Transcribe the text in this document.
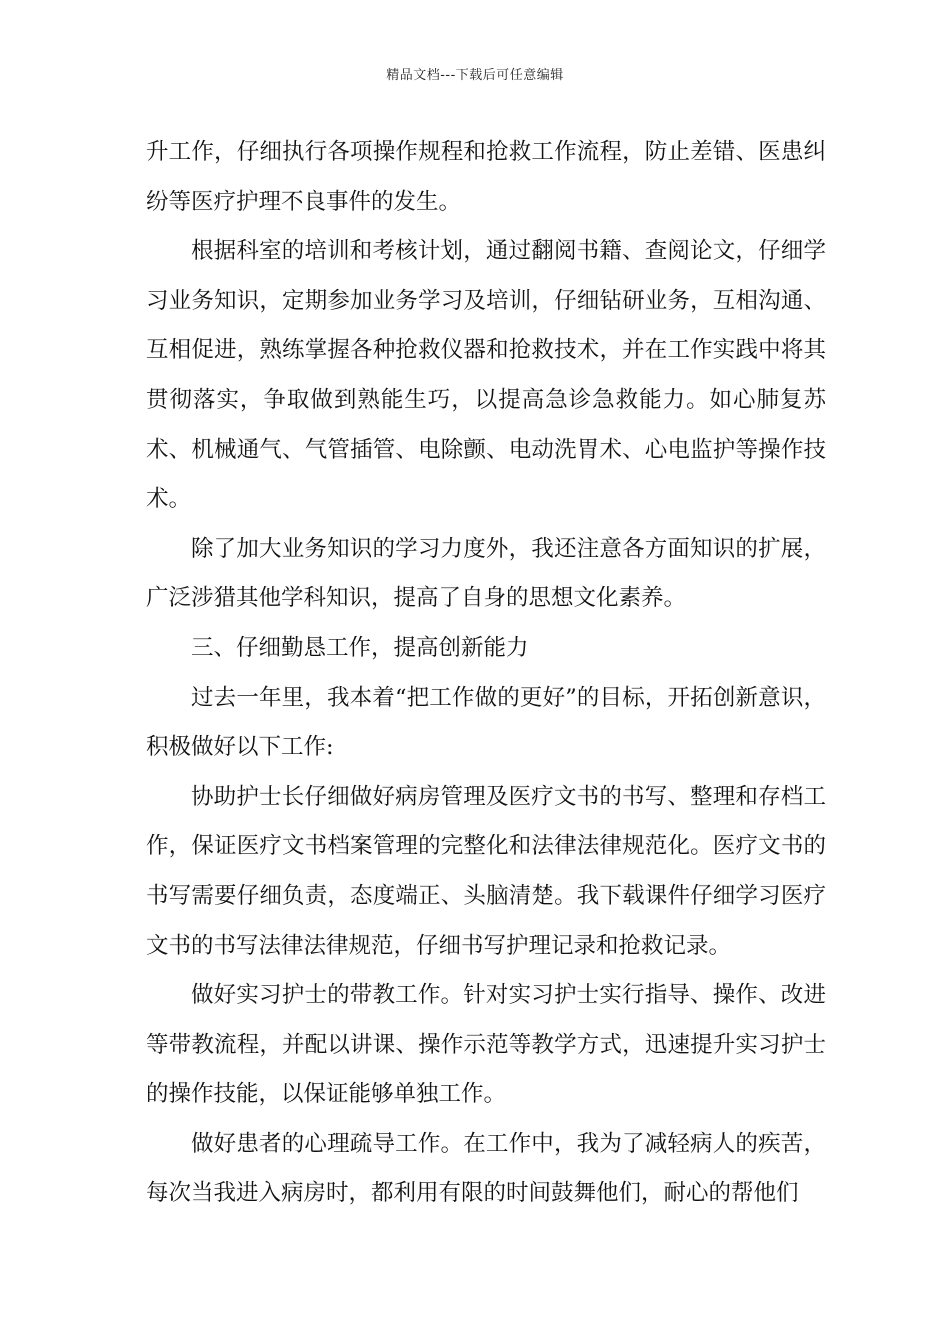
精品文档---下载后可任意编辑

升工作，仔细执行各项操作规程和抢救工作流程，防止差错、医患纠纷等医疗护理不良事件的发生。

根据科室的培训和考核计划，通过翻阅书籍、查阅论文，仔细学习业务知识，定期参加业务学习及培训，仔细钻研业务，互相沟通、互相促进，熟练掌握各种抢救仪器和抢救技术，并在工作实践中将其贯彻落实，争取做到熟能生巧，以提高急诊急救能力。如心肺复苏术、机械通气、气管插管、电除颤、电动洗胃术、心电监护等操作技术。

除了加大业务知识的学习力度外，我还注意各方面知识的扩展，广泛涉猎其他学科知识，提高了自身的思想文化素养。

三、仔细勤恳工作，提高创新能力

过去一年里，我本着“把工作做的更好”的目标，开拓创新意识，积极做好以下工作:

协助护士长仔细做好病房管理及医疗文书的书写、整理和存档工作，保证医疗文书档案管理的完整化和法律法律规范化。医疗文书的书写需要仔细负责，态度端正、头脑清楚。我下载课件仔细学习医疗文书的书写法律法律规范，仔细书写护理记录和抢救记录。

做好实习护士的带教工作。针对实习护士实行指导、操作、改进等带教流程，并配以讲课、操作示范等教学方式，迅速提升实习护士的操作技能，以保证能够单独工作。

做好患者的心理疏导工作。在工作中，我为了减轻病人的疾苦，每次当我进入病房时，都利用有限的时间鼓舞他们，耐心的帮他们
